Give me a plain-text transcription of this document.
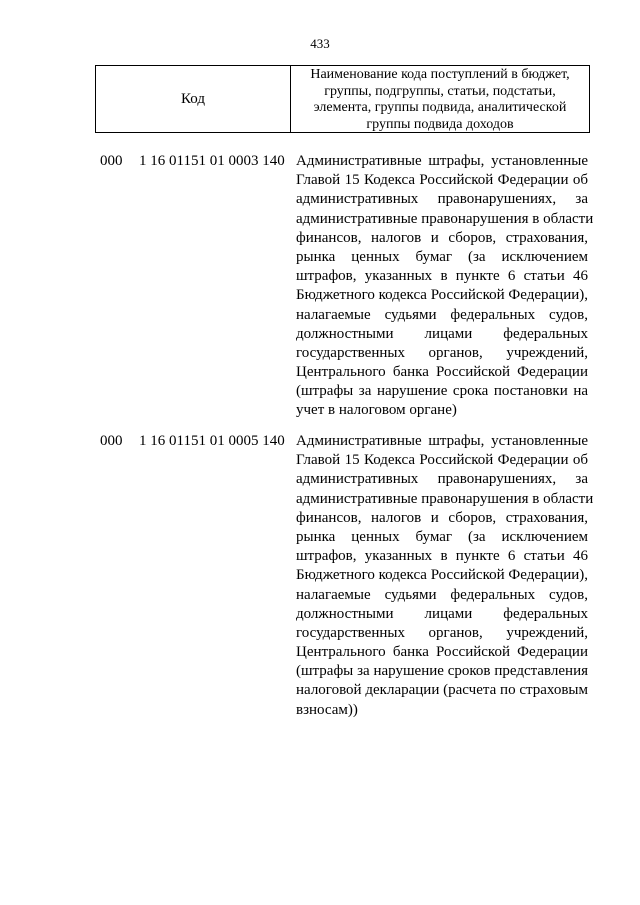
433
Код
Наименование кода поступлений в бюджет,
группы, подгруппы, статьи, подстатьи,
элемента, группы подвида, аналитической
группы подвида доходов
000 1 16 01151 01 0003 140 Административные штрафы, установленные
Главой 15 Кодекса Российской Федерации об
административных правонарушениях, за
административные правонарушения в области
финансов, налогов и сборов, страхования,
рынка ценных бумаг (за исключением
штрафов, указанных в пункте 6 статьи 46
Бюджетного кодекса Российской Федерации),
налагаемые судьями федеральных судов,
должностными лицами федеральных
государственных органов, учреждений,
Центрального банка Российской Федерации
(штрафы за нарушение срока постановки на
учет в налоговом органе)
000 1 16 01151 01 0005 140 Административные штрафы, установленные
Главой 15 Кодекса Российской Федерации об
административных правонарушениях, за
административные правонарушения в области
финансов, налогов и сборов, страхования,
рынка ценных бумаг (за исключением
штрафов, указанных в пункте 6 статьи 46
Бюджетного кодекса Российской Федерации),
налагаемые судьями федеральных судов,
должностными лицами федеральных
государственных органов, учреждений,
Центрального банка Российской Федерации
(штрафы за нарушение сроков представления
налоговой декларации (расчета по страховым
взносам))
